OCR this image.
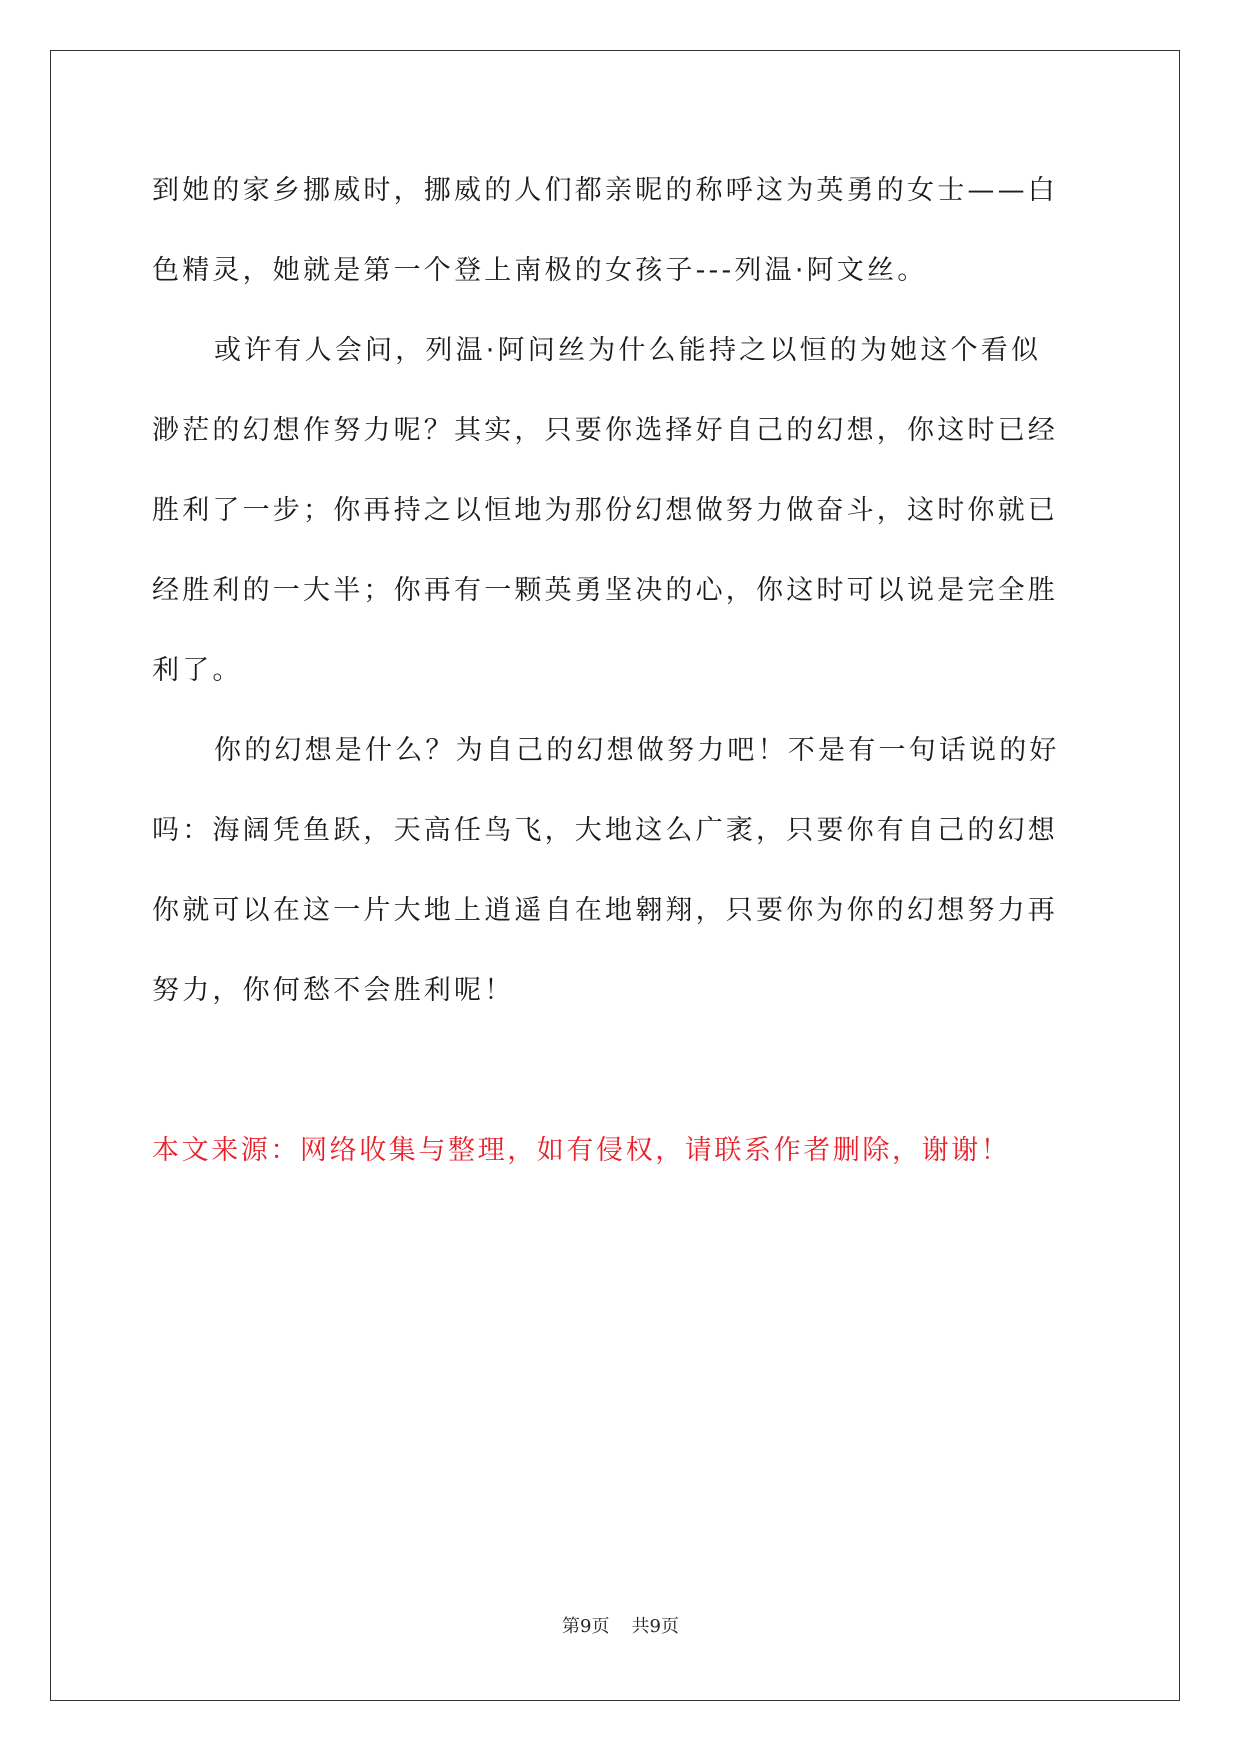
到她的家乡挪威时，挪威的人们都亲昵的称呼这为英勇的女士——白
色精灵，她就是第一个登上南极的女孩子---列温·阿文丝。
或许有人会问，列温·阿问丝为什么能持之以恒的为她这个看似
渺茫的幻想作努力呢？其实，只要你选择好自己的幻想，你这时已经
胜利了一步；你再持之以恒地为那份幻想做努力做奋斗，这时你就已
经胜利的一大半；你再有一颗英勇坚决的心，你这时可以说是完全胜
利了。
你的幻想是什么？为自己的幻想做努力吧！不是有一句话说的好
吗：海阔凭鱼跃，天高任鸟飞，大地这么广袤，只要你有自己的幻想
你就可以在这一片大地上逍遥自在地翱翔，只要你为你的幻想努力再
努力，你何愁不会胜利呢！
本文来源：网络收集与整理，如有侵权，请联系作者删除，谢谢！
第9页 共9页
